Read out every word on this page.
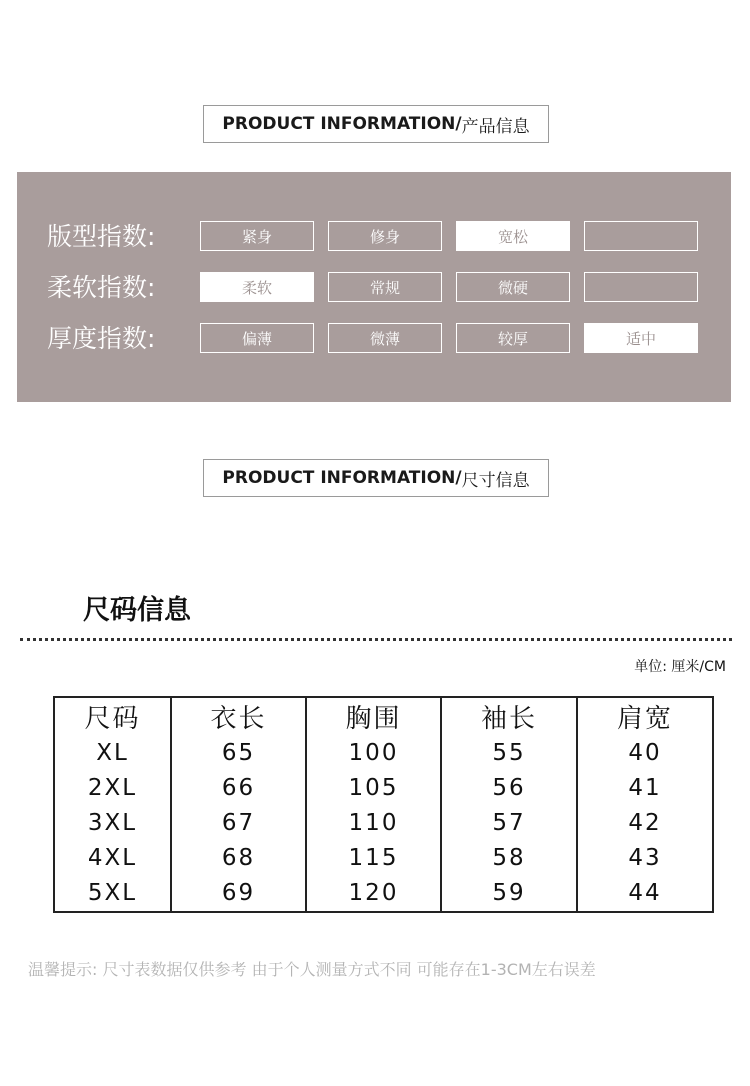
PRODUCT INFORMATION/ 产品信息
版型指数:	紧身	修身	宽松
柔软指数:	柔软	常规	微硬
厚度指数:	偏薄	微薄	较厚	适中
PRODUCT INFORMATION/ 尺寸信息
尺码信息
单位: 厘米/CM
尺码	衣长	胸围	袖长	肩宽
XL	65	100	55	40
2XL	66	105	56	41
3XL	67	110	57	42
4XL	68	115	58	43
5XL	69	120	59	44
温馨提示: 尺寸表数据仅供参考 由于个人测量方式不同 可能存在1-3CM左右误差
